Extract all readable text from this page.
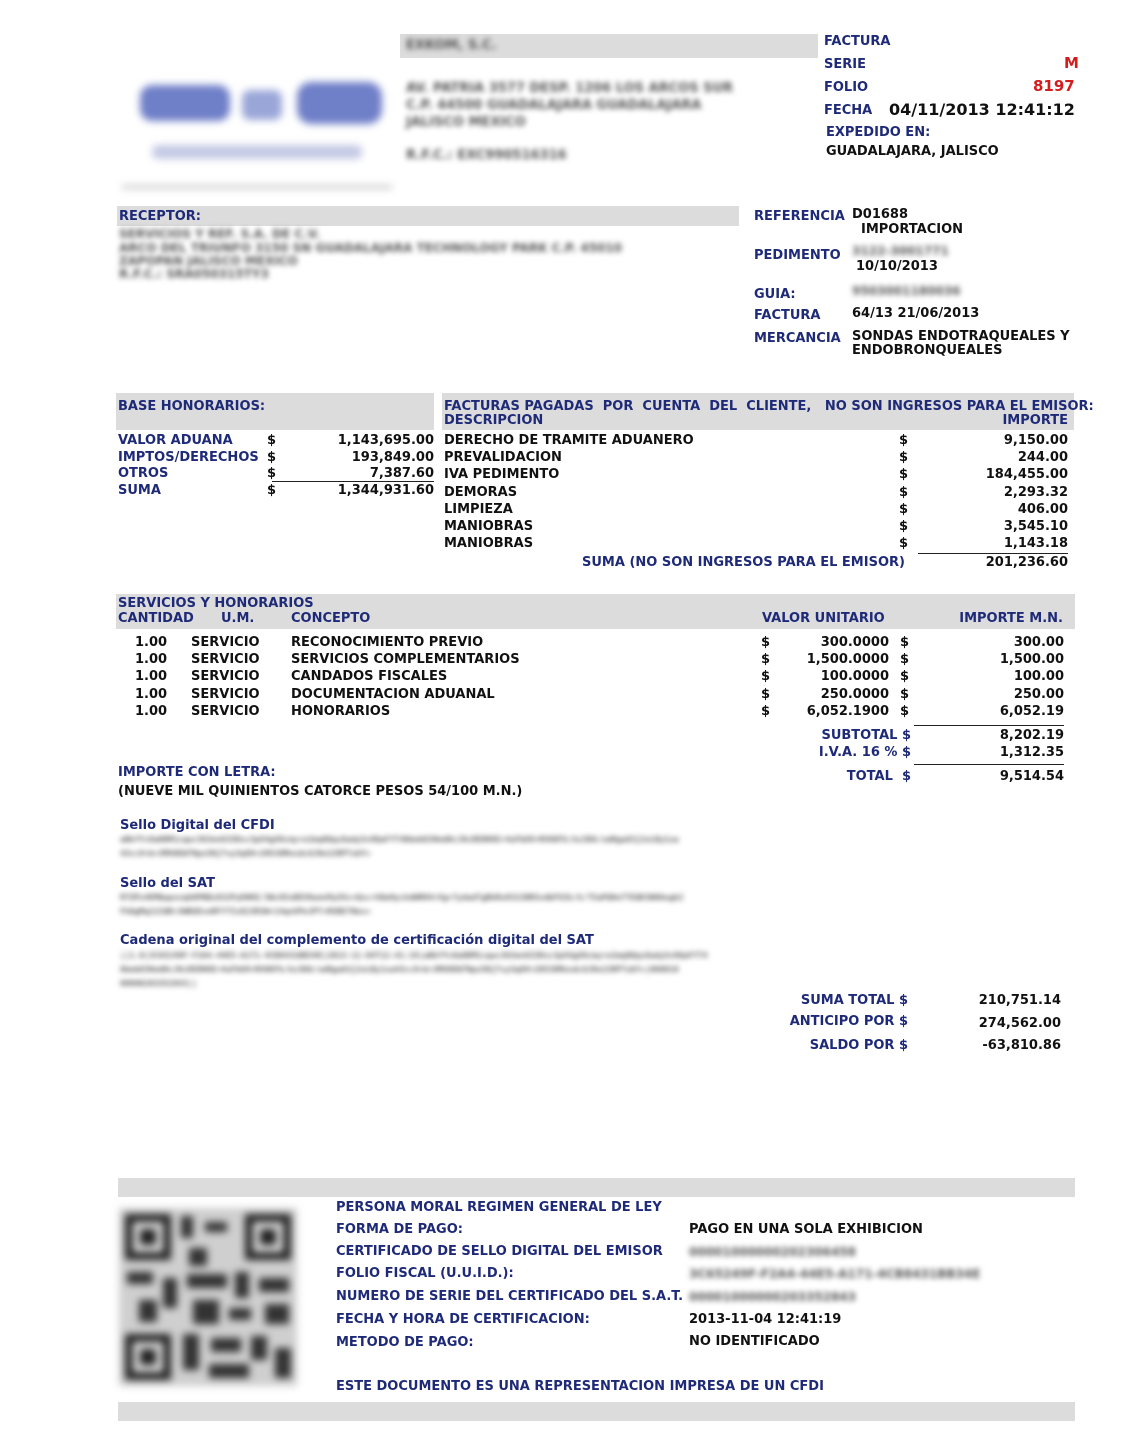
EXKOM, S.C.
AV. PATRIA 3577 DESP. 1206 LOS ARCOS SUR
C.P. 44500 GUADALAJARA GUADALAJARA
JALISCO MEXICO
R.F.C.: EXC990516316
FACTURA
SERIE	M
FOLIO	8197
FECHA 04/11/2013 12:41:12
EXPEDIDO EN:
GUADALAJARA, JALISCO
RECEPTOR:
SERVICIOS Y REF. S.A. DE C.V.
ARCO DEL TRIUNFO 3150 SN GUADALAJARA TECHNOLOGY PARK C.P. 45010
ZAPOPAN JALISCO MEXICO
R.F.C.: SRA050315TY3
REFERENCIA D01688
IMPORTACION
PEDIMENTO 3122-3001771
10/10/2013
GUIA:	9503001180036
FACTURA 64/13 21/06/2013
MERCANCIA SONDAS ENDOTRAQUEALES Y
ENDOBRONQUEALES
BASE HONORARIOS:
VALOR ADUANA	$	1,143,695.00
IMPTOS/DERECHOS $	193,849.00
OTROS	$	7,387.60
SUMA	$	1,344,931.60
FACTURAS PAGADAS  POR  CUENTA  DEL  CLIENTE,   NO SON INGRESOS PARA EL EMISOR:
DESCRIPCION	IMPORTE
DERECHO DE TRAMITE ADUANERO	$	9,150.00
PREVALIDACION	$	244.00
IVA PEDIMENTO	$	184,455.00
DEMORAS	$	2,293.32
LIMPIEZA	$	406.00
MANIOBRAS	$	3,545.10
MANIOBRAS	$	1,143.18
SUMA (NO SON INGRESOS PARA EL EMISOR)	201,236.60
SERVICIOS Y HONORARIOS
CANTIDAD U.M.	CONCEPTO	VALOR UNITARIO	IMPORTE M.N.
1.00 SERVICIO RECONOCIMIENTO PREVIO	$	300.0000 $	300.00
1.00 SERVICIO SERVICIOS COMPLEMENTARIOS	$	1,500.0000 $	1,500.00
1.00 SERVICIO CANDADOS FISCALES	$	100.0000 $	100.00
1.00 SERVICIO DOCUMENTACION ADUANAL	$	250.0000 $	250.00
1.00 SERVICIO HONORARIOS	$	6,052.1900 $	6,052.19
SUBTOTAL $	8,202.19
I.V.A. 16 % $	1,312.35
TOTAL  $	9,514.54
IMPORTE CON LETRA:
(NUEVE MIL QUINIENTOS CATORCE PESOS 54/100 M.N.)
Sello Digital del CFDI
aBkfYc0aHDM1cqwc363en633Dsc3pX4gX0cmy+n2mq0Qqs8adySv9QaFfT40beb83HedHcJ0cDEDKKE+4uFb69+RV6KFk/kz3DA/smRgaA3j2oLBy1xa
43cc9+b+3MX0EW7Npx5NjTvy3q89+2H538MnvdcAJ0n22RPTxbY=
Sello del SAT
RTZPx4EMQwpxvqhDPBBz832PyD0KE/3Wc85xBEV8wenPp3Xs+Qxc+VQeHyckdWRH4rVg+7ydadTgBkRu9322BRSvdbF6Ik/h/75aPQ0e7TEQK3WHAogk2
Fh0gMq222QR+3WBUEvnRFf7Ix823R3W+14qnVPeJPT+RXBE7Nes=
Cadena original del complemento de certificación digital del SAT
||1.0|3C65249F-F2A4-44E5-A171-4CB8431BB34E|2013-11-04T12:41:19|aBkfYc0aHDM1cqwc363en633Dsc3pX4gX0cmy+n2mq0Qqs8adySv9QaFfT4
0beb83HedHcJ0cDEDKKE+4uFb69+RV6KFk/kz3DA/smRgaA3j2oLBy1xa43cc9+b+3MX0EW7Npx5NjTvy3q89+2H538MnvdcAJ0n22RPTxbY=|000010
00000203352843||
SUMA TOTAL $	210,751.14
ANTICIPO POR $	274,562.00
SALDO POR $	-63,810.86
PERSONA MORAL REGIMEN GENERAL DE LEY
FORMA DE PAGO:	PAGO EN UNA SOLA EXHIBICION
CERTIFICADO DE SELLO DIGITAL DEL EMISOR 00001000000202306458
FOLIO FISCAL (U.U.I.D.):	3C65249F-F2A4-44E5-A171-4CB8431BB34E
NUMERO DE SERIE DEL CERTIFICADO DEL S.A.T. 00001000000203352843
FECHA Y HORA DE CERTIFICACION:	2013-11-04 12:41:19
METODO DE PAGO:	NO IDENTIFICADO
ESTE DOCUMENTO ES UNA REPRESENTACION IMPRESA DE UN CFDI
